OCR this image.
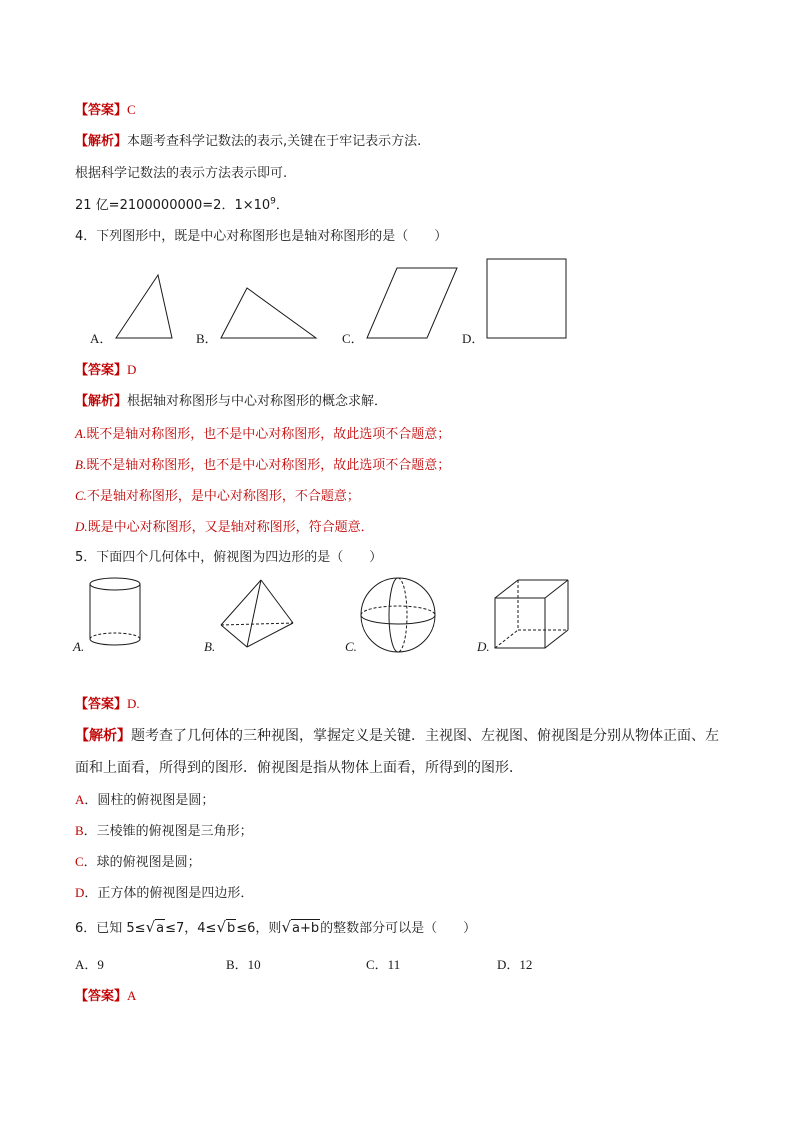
【答案】C
【解析】本题考查科学记数法的表示,关键在于牢记表示方法.
根据科学记数法的表示方法表示即可.
21 亿=2100000000=2．$1\times 10^9$．
4．下列图形中，既是中心对称图形也是轴对称图形的是（　　）
A．	B．	C．	D．
【答案】D
【解析】根据轴对称图形与中心对称图形的概念求解．
A.既不是轴对称图形，也不是中心对称图形，故此选项不合题意；
B.既不是轴对称图形，也不是中心对称图形，故此选项不合题意；
C.不是轴对称图形，是中心对称图形，不合题意；
D.既是中心对称图形，又是轴对称图形，符合题意．
5．下面四个几何体中，俯视图为四边形的是（　　）
A.	B.	C.	D.
【答案】D.
【解析】题考查了几何体的三种视图，掌握定义是关键．主视图、左视图、俯视图是分别从物体正面、左
面和上面看，所得到的图形．俯视图是指从物体上面看，所得到的图形．
A．圆柱的俯视图是圆；
B．三棱锥的俯视图是三角形；
C．球的俯视图是圆；
D．正方体的俯视图是四边形．
6．已知 5≤√a≤7，4≤√b≤6，则√a+b的整数部分可以是（　　）
A．9	B．10	C．11	D．12
【答案】A
